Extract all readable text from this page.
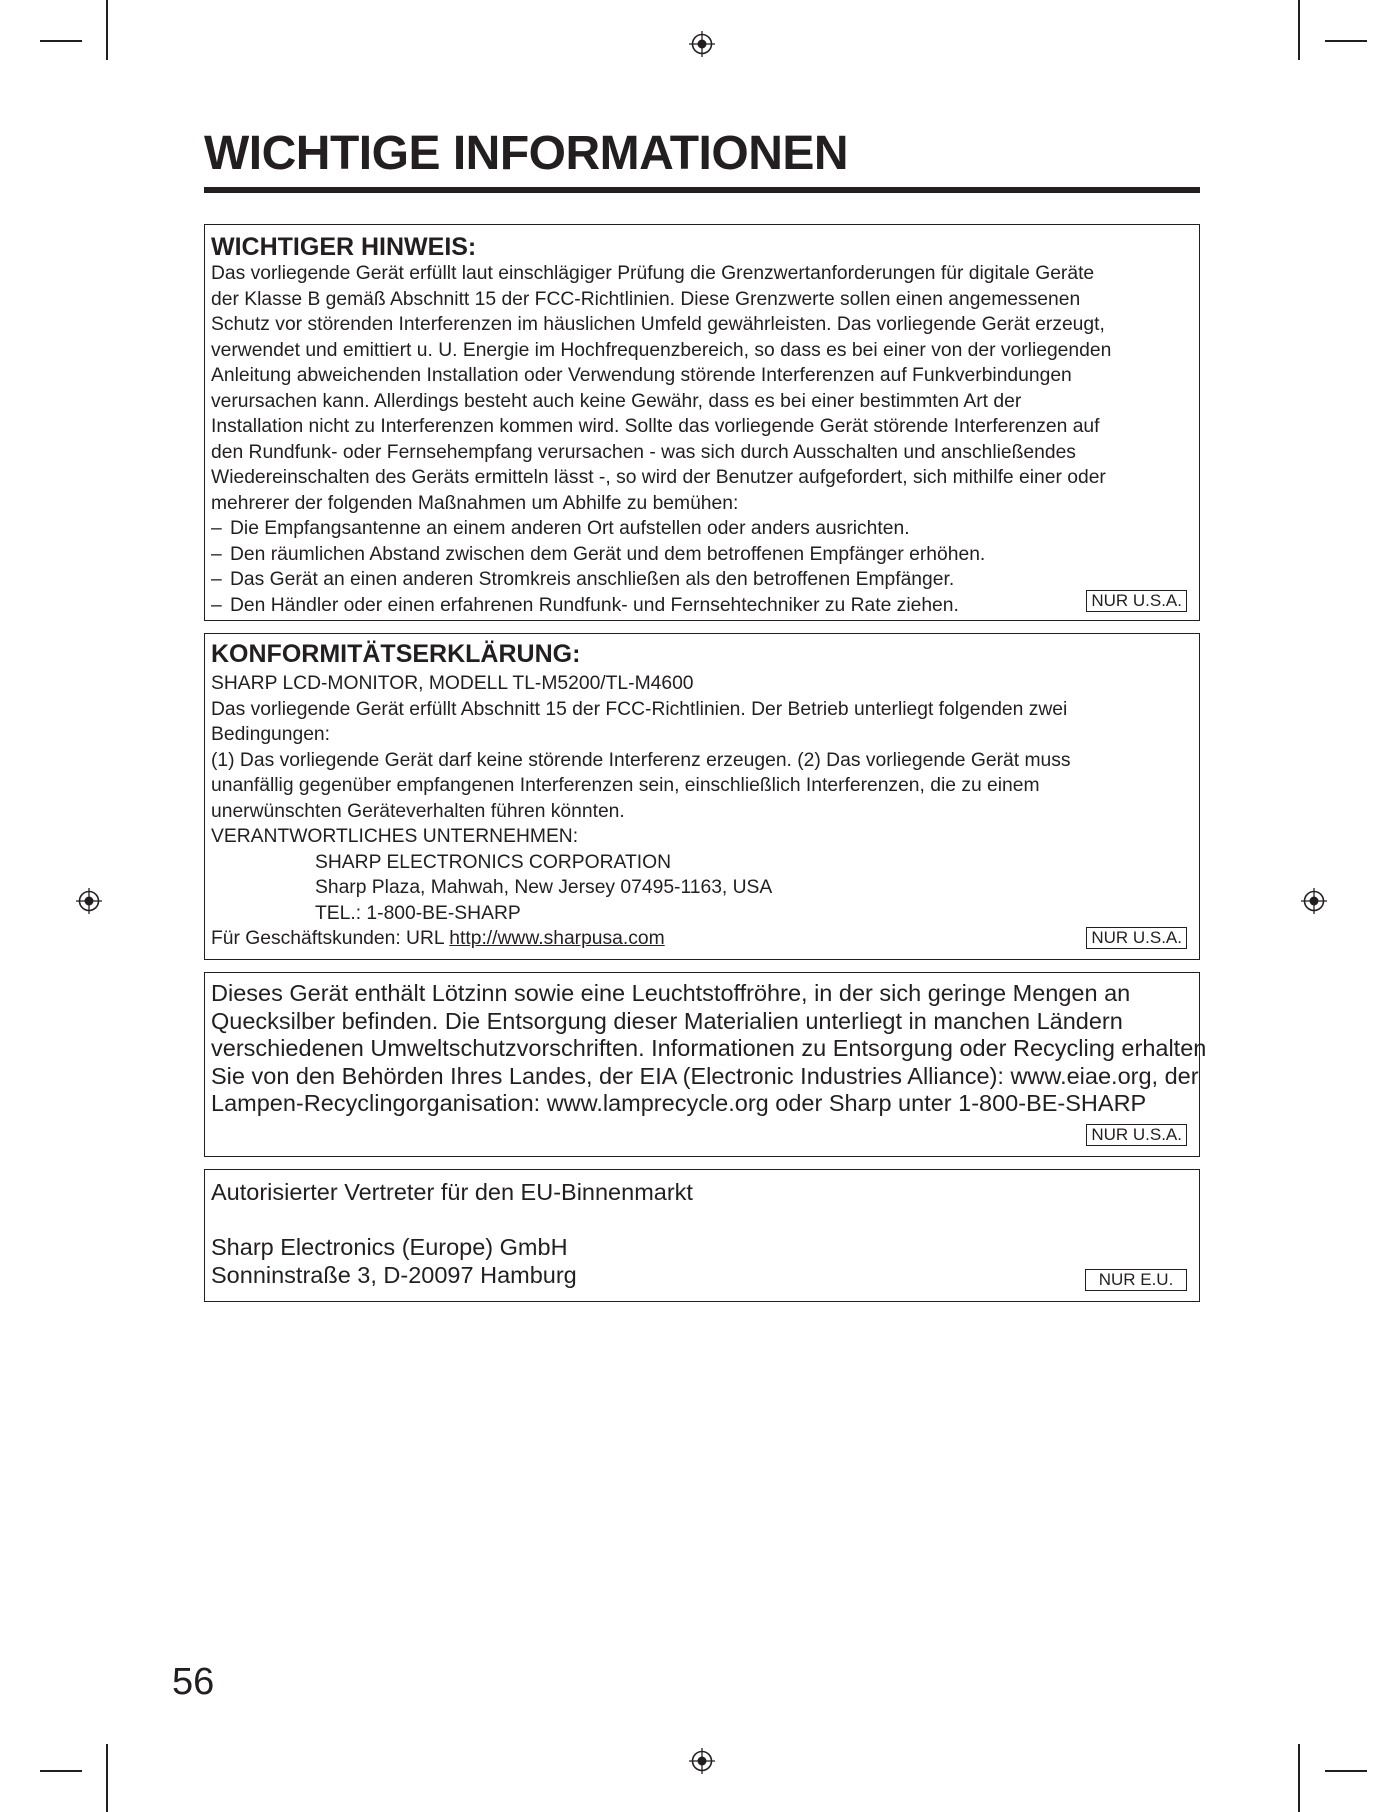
WICHTIGE INFORMATIONEN
WICHTIGER HINWEIS:
Das vorliegende Gerät erfüllt laut einschlägiger Prüfung die Grenzwertanforderungen für digitale Geräte
der Klasse B gemäß Abschnitt 15 der FCC-Richtlinien. Diese Grenzwerte sollen einen angemessenen
Schutz vor störenden Interferenzen im häuslichen Umfeld gewährleisten. Das vorliegende Gerät erzeugt,
verwendet und emittiert u. U. Energie im Hochfrequenzbereich, so dass es bei einer von der vorliegenden
Anleitung abweichenden Installation oder Verwendung störende Interferenzen auf Funkverbindungen
verursachen kann. Allerdings besteht auch keine Gewähr, dass es bei einer bestimmten Art der
Installation nicht zu Interferenzen kommen wird. Sollte das vorliegende Gerät störende Interferenzen auf
den Rundfunk- oder Fernsehempfang verursachen - was sich durch Ausschalten und anschließendes
Wiedereinschalten des Geräts ermitteln lässt -, so wird der Benutzer aufgefordert, sich mithilfe einer oder
mehrerer der folgenden Maßnahmen um Abhilfe zu bemühen:
– Die Empfangsantenne an einem anderen Ort aufstellen oder anders ausrichten.
– Den räumlichen Abstand zwischen dem Gerät und dem betroffenen Empfänger erhöhen.
– Das Gerät an einen anderen Stromkreis anschließen als den betroffenen Empfänger.
– Den Händler oder einen erfahrenen Rundfunk- und Fernsehtechniker zu Rate ziehen.	NUR U.S.A.
KONFORMITÄTSERKLÄRUNG:
SHARP LCD-MONITOR, MODELL TL-M5200/TL-M4600
Das vorliegende Gerät erfüllt Abschnitt 15 der FCC-Richtlinien. Der Betrieb unterliegt folgenden zwei
Bedingungen:
(1) Das vorliegende Gerät darf keine störende Interferenz erzeugen. (2) Das vorliegende Gerät muss
unanfällig gegenüber empfangenen Interferenzen sein, einschließlich Interferenzen, die zu einem
unerwünschten Geräteverhalten führen könnten.
VERANTWORTLICHES UNTERNEHMEN:
SHARP ELECTRONICS CORPORATION
Sharp Plaza, Mahwah, New Jersey 07495-1163, USA
TEL.: 1-800-BE-SHARP
Für Geschäftskunden: URL http://www.sharpusa.com	NUR U.S.A.
Dieses Gerät enthält Lötzinn sowie eine Leuchtstoffröhre, in der sich geringe Mengen an
Quecksilber befinden. Die Entsorgung dieser Materialien unterliegt in manchen Ländern
verschiedenen Umweltschutzvorschriften. Informationen zu Entsorgung oder Recycling erhalten
Sie von den Behörden Ihres Landes, der EIA (Electronic Industries Alliance): www.eiae.org, der
Lampen-Recyclingorganisation: www.lamprecycle.org oder Sharp unter 1-800-BE-SHARP
NUR U.S.A.
Autorisierter Vertreter für den EU-Binnenmarkt
Sharp Electronics (Europe) GmbH
Sonninstraße 3, D-20097 Hamburg	NUR E.U.
56
